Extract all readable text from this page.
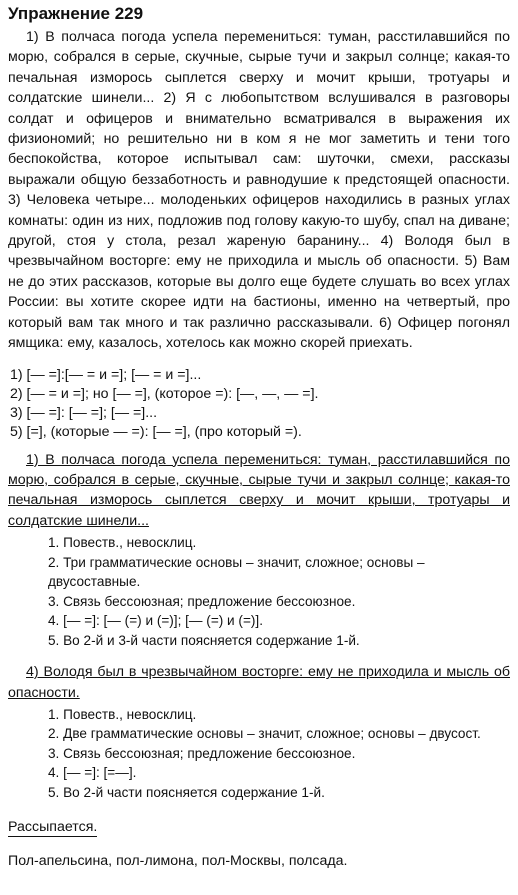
Упражнение 229

1) В полчаса погода успела перемениться: туман, расстилавшийся по морю, собрался в серые, скучные, сырые тучи и закрыл солнце; какая-то печальная изморось сыплется сверху и мочит крыши, тротуары и солдатские шинели... 2) Я с любопытством вслушивался в разговоры солдат и офицеров и внимательно всматривался в выражения их физиономий; но решительно ни в ком я не мог заметить и тени того беспокойства, которое испытывал сам: шуточки, смехи, рассказы выражали общую беззаботность и равнодушие к предстоящей опасности. 3) Человека четыре... молоденьких офицеров находились в разных углах комнаты: один из них, подложив под голову какую-то шубу, спал на диване; другой, стоя у стола, резал жареную баранину... 4) Володя был в чрезвычайном восторге: ему не приходила и мысль об опасности. 5) Вам не до этих рассказов, которые вы долго еще будете слушать во всех углах России: вы хотите скорее идти на бастионы, именно на четвертый, про который вам так много и так различно рассказывали. 6) Офицер погонял ямщика: ему, казалось, хотелось как можно скорей приехать.

1) [— =]:[— = и =]; [— = и =]...
2) [— = и =]; но [— =], (которое =): [—, —, — =].
3) [— =]: [— =]; [— =]...
5) [=], (которые — =): [— =], (про который =).

1) В полчаса погода успела перемениться: туман, расстилавшийся по морю, собрался в серые, скучные, сырые тучи и закрыл солнце; какая-то печальная изморось сыплется сверху и мочит крыши, тротуары и солдатские шинели...

1. Повеств., невосклиц.
2. Три грамматические основы – значит, сложное; основы – двусоставные.
3. Связь бессоюзная; предложение бессоюзное.
4. [— =]: [— (=) и (=)]; [— (=) и (=)].
5. Во 2-й и 3-й части поясняется содержание 1-й.

4) Володя был в чрезвычайном восторге: ему не приходила и мысль об опасности.

1. Повеств., невосклиц.
2. Две грамматические основы – значит, сложное; основы – двусост.
3. Связь бессоюзная; предложение бессоюзное.
4. [— =]: [=—].
5. Во 2-й части поясняется содержание 1-й.
Рассыпается.
Пол-апельсина, пол-лимона, пол-Москвы, полсада.
